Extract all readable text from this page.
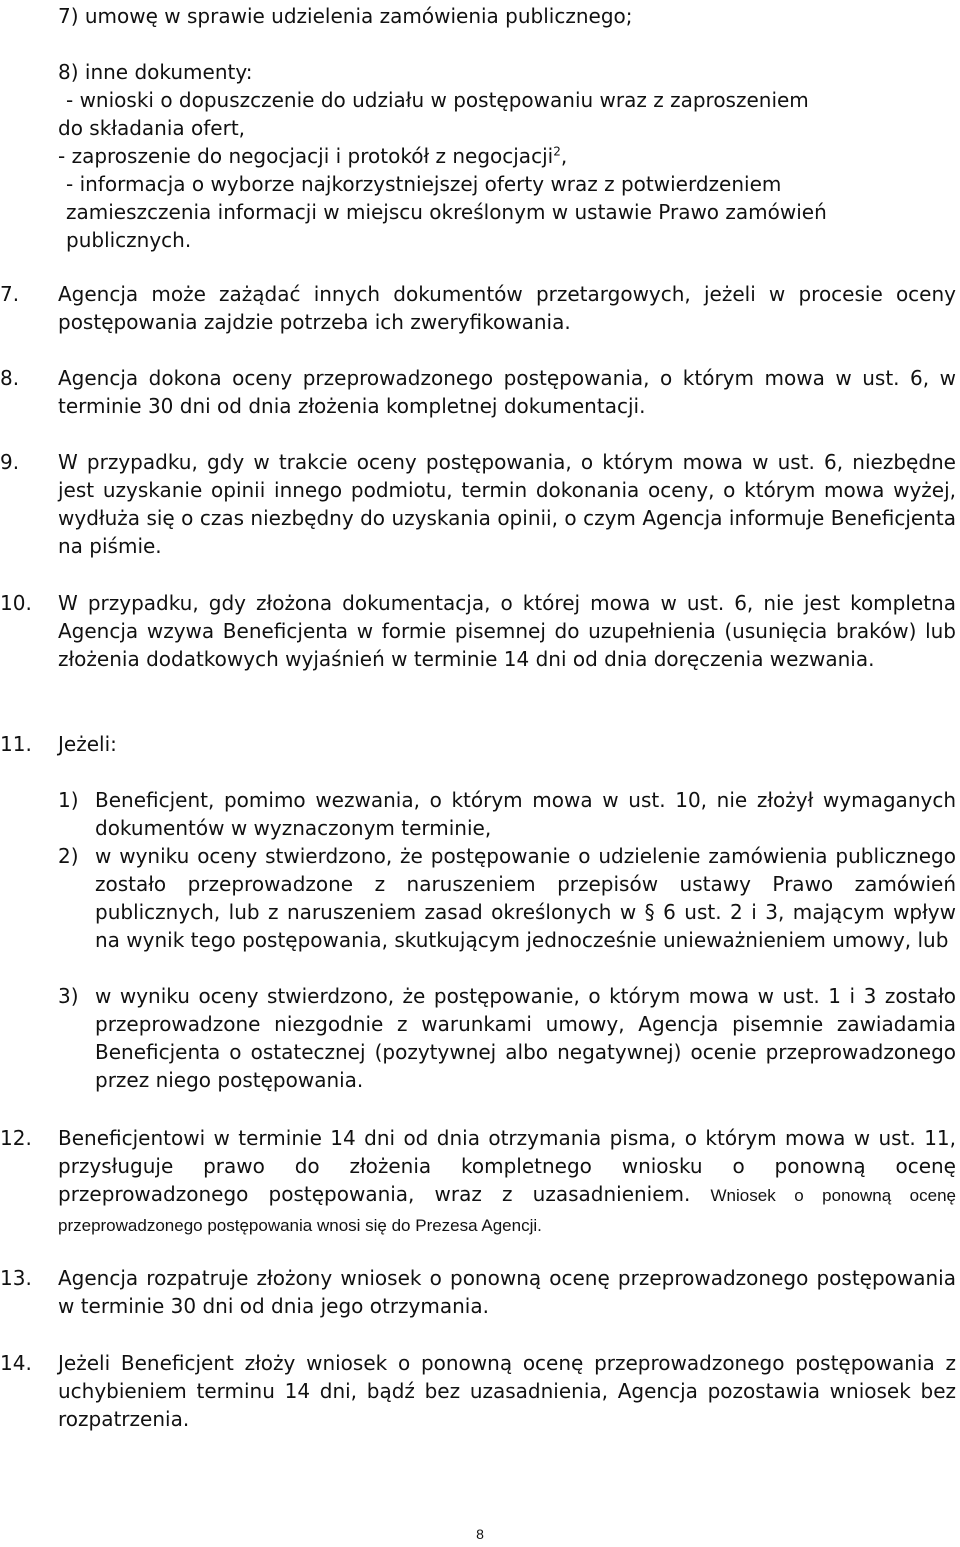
7) umowę w sprawie udzielenia zamówienia publicznego;
8) inne dokumenty:
- wnioski o dopuszczenie do udziału w postępowaniu wraz z zaproszeniem
do składania ofert,
- zaproszenie do negocjacji i protokół z negocjacji$^2$,
- informacja o wyborze najkorzystniejszej oferty wraz z potwierdzeniem
zamieszczenia informacji w miejscu określonym w ustawie Prawo zamówień
publicznych.
7.	Agencja może zażądać innych dokumentów przetargowych, jeżeli w procesie oceny postępowania zajdzie potrzeba ich zweryfikowania.
8.	Agencja dokona oceny przeprowadzonego postępowania, o którym mowa w ust. 6, w terminie 30 dni od dnia złożenia kompletnej dokumentacji.
9.	W przypadku, gdy w trakcie oceny postępowania, o którym mowa w ust. 6, niezbędne jest uzyskanie opinii innego podmiotu, termin dokonania oceny, o którym mowa wyżej, wydłuża się o czas niezbędny do uzyskania opinii, o czym Agencja informuje Beneficjenta na piśmie.
10.	W przypadku, gdy złożona dokumentacja, o której mowa w ust. 6, nie jest kompletna Agencja wzywa Beneficjenta w formie pisemnej do uzupełnienia (usunięcia braków) lub złożenia dodatkowych wyjaśnień w terminie 14 dni od dnia doręczenia wezwania.
11.	Jeżeli:
1) Beneficjent, pomimo wezwania, o którym mowa w ust. 10, nie złożył wymaganych dokumentów w wyznaczonym terminie,
2) w wyniku oceny stwierdzono, że postępowanie o udzielenie zamówienia publicznego zostało przeprowadzone z naruszeniem przepisów ustawy Prawo zamówień publicznych, lub z naruszeniem zasad określonych w § 6 ust. 2 i 3, mającym wpływ na wynik tego postępowania, skutkującym jednocześnie unieważnieniem umowy, lub
3) w wyniku oceny stwierdzono, że postępowanie, o którym mowa w ust. 1 i 3 zostało przeprowadzone niezgodnie z warunkami umowy, Agencja pisemnie zawiadamia Beneficjenta o ostatecznej (pozytywnej albo negatywnej) ocenie przeprowadzonego przez niego postępowania.
12.	Beneficjentowi w terminie 14 dni od dnia otrzymania pisma, o którym mowa w ust. 11, przysługuje prawo do złożenia kompletnego wniosku o ponowną ocenę przeprowadzonego postępowania, wraz z uzasadnieniem. Wniosek o ponowną ocenę przeprowadzonego postępowania wnosi się do Prezesa Agencji.
13.	Agencja rozpatruje złożony wniosek o ponowną ocenę przeprowadzonego postępowania w terminie 30 dni od dnia jego otrzymania.
14.	Jeżeli Beneficjent złoży wniosek o ponowną ocenę przeprowadzonego postępowania z uchybieniem terminu 14 dni, bądź bez uzasadnienia, Agencja pozostawia wniosek bez rozpatrzenia.
8
